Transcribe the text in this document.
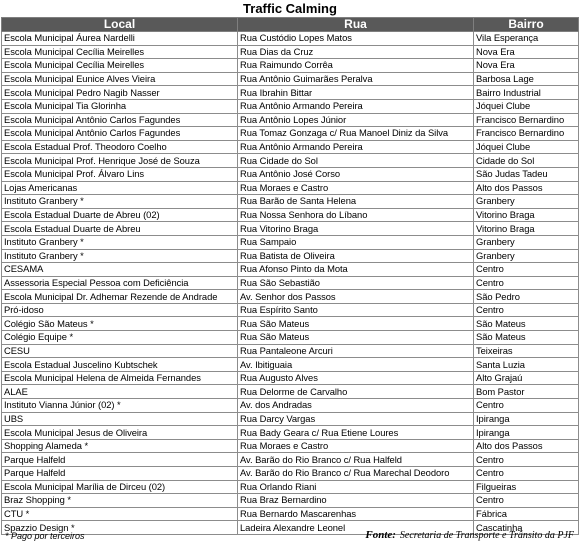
Traffic Calming
Local	Rua	Bairro
Escola Municipal Áurea Nardelli	Rua Custódio Lopes Matos	Vila Esperança
Escola Municipal Cecília Meirelles	Rua Dias da Cruz	Nova Era
Escola Municipal Cecília Meirelles	Rua Raimundo Corrêa	Nova Era
Escola Municipal Eunice Alves Vieira	Rua Antônio Guimarães Peralva	Barbosa Lage
Escola Municipal Pedro Nagib Nasser	Rua Ibrahin Bittar	Bairro Industrial
Escola Municipal Tia Glorinha	Rua Antônio Armando Pereira	Jóquei Clube
Escola Municipal Antônio Carlos Fagundes	Rua Antônio Lopes Júnior	Francisco Bernardino
Escola Municipal Antônio Carlos Fagundes	Rua Tomaz Gonzaga c/ Rua Manoel Diniz da Silva	Francisco Bernardino
Escola Estadual Prof. Theodoro Coelho	Rua Antônio Armando Pereira	Jóquei Clube
Escola Municipal Prof. Henrique José de Souza	Rua Cidade do Sol	Cidade do Sol
Escola Municipal Prof. Álvaro Lins	Rua Antônio José Corso	São Judas Tadeu
Lojas Americanas	Rua Moraes e Castro	Alto dos Passos
Instituto Granbery *	Rua Barão de Santa Helena	Granbery
Escola Estadual Duarte de Abreu (02)	Rua Nossa Senhora do Líbano	Vitorino Braga
Escola Estadual Duarte de Abreu	Rua Vitorino Braga	Vitorino Braga
Instituto Granbery *	Rua Sampaio	Granbery
Instituto Granbery *	Rua Batista de Oliveira	Granbery
CESAMA	Rua Afonso Pinto da Mota	Centro
Assessoria Especial Pessoa com Deficiência	Rua São Sebastião	Centro
Escola Municipal Dr. Adhemar Rezende de Andrade	Av. Senhor dos Passos	São Pedro
Pró-idoso	Rua Espírito Santo	Centro
Colégio São Mateus *	Rua São Mateus	São Mateus
Colégio Equipe *	Rua São Mateus	São Mateus
CESU	Rua Pantaleone Arcuri	Teixeiras
Escola Estadual Juscelino Kubtschek	Av. Ibitiguaia	Santa Luzia
Escola Municipal Helena de Almeida Fernandes	Rua Augusto Alves	Alto Grajaú
ALAE	Rua Delorme de Carvalho	Bom Pastor
Instituto Vianna Júnior (02) *	Av. dos Andradas	Centro
UBS	Rua Darcy Vargas	Ipiranga
Escola Municipal Jesus de Oliveira	Rua Bady Geara c/ Rua Etiene Loures	Ipiranga
Shopping Alameda *	Rua Moraes e Castro	Alto dos Passos
Parque Halfeld	Av. Barão do Rio Branco c/ Rua Halfeld	Centro
Parque Halfeld	Av. Barão do Rio Branco c/ Rua Marechal Deodoro	Centro
Escola Municipal Marília de Dirceu (02)	Rua Orlando Riani	Filgueiras
Braz Shopping *	Rua Braz Bernardino	Centro
CTU *	Rua Bernardo Mascarenhas	Fábrica
Spazzio Design *	Ladeira Alexandre Leonel	Cascatinha
* Pago por terceiros	Fonte: Secretaria de Transporte e Trânsito da PJF
